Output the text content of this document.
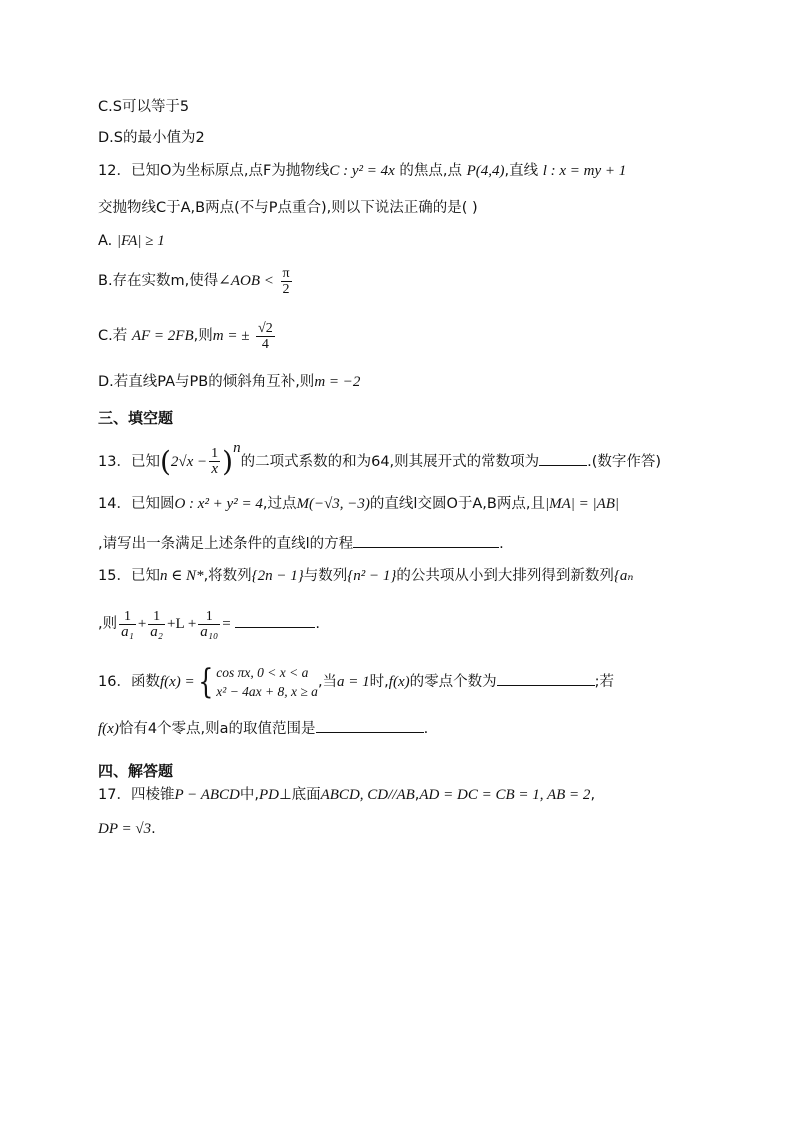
C.S可以等于5
D.S的最小值为2
12．已知O为坐标原点,点F为抛物线C : y² = 4x 的焦点,点 P(4,4),直线 l : x = my + 1
交抛物线C于A,B两点(不与P点重合),则以下说法正确的是( )
A. |FA| ≥ 1
B.存在实数m,使得∠AOB < $\frac{\pi}{2}$
C.若 AF = 2FB,则m = ± $\frac{√2}{4}$
D.若直线PA与PB的倾斜角互补,则m = −2
三、填空题
13．已知$(2√x - \frac{1}{x} )^n$的二项式系数的和为64,则其展开式的常数项为	.(数字作答)
14．已知圆O : x² + y² = 4,过点M(−√3, −3)的直线l交圆O于A,B两点,且|MA| = |AB|
,请写出一条满足上述条件的直线l的方程	.
15．已知n ∈ N*,将数列{2n − 1}与数列{n² − 1}的公共项从小到大排列得到新数列{aₙ
,则 $\frac{1}{\text{a₁}} + \frac{1}{\text{a₂}} +L + \frac{1}{\text{a₁₀}}$ =	.
16．函数f(x) ={ cos πx, 0 < x < a
x² − 4ax + 8, x ≥ a
,当a = 1时,f(x)的零点个数为	;若
f(x)恰有4个零点,则a的取值范围是	.
四、解答题
17．四棱锥P − ABCD中,PD⊥底面ABCD, CD//AB,AD = DC = CB = 1, AB = 2,
DP = √3.
